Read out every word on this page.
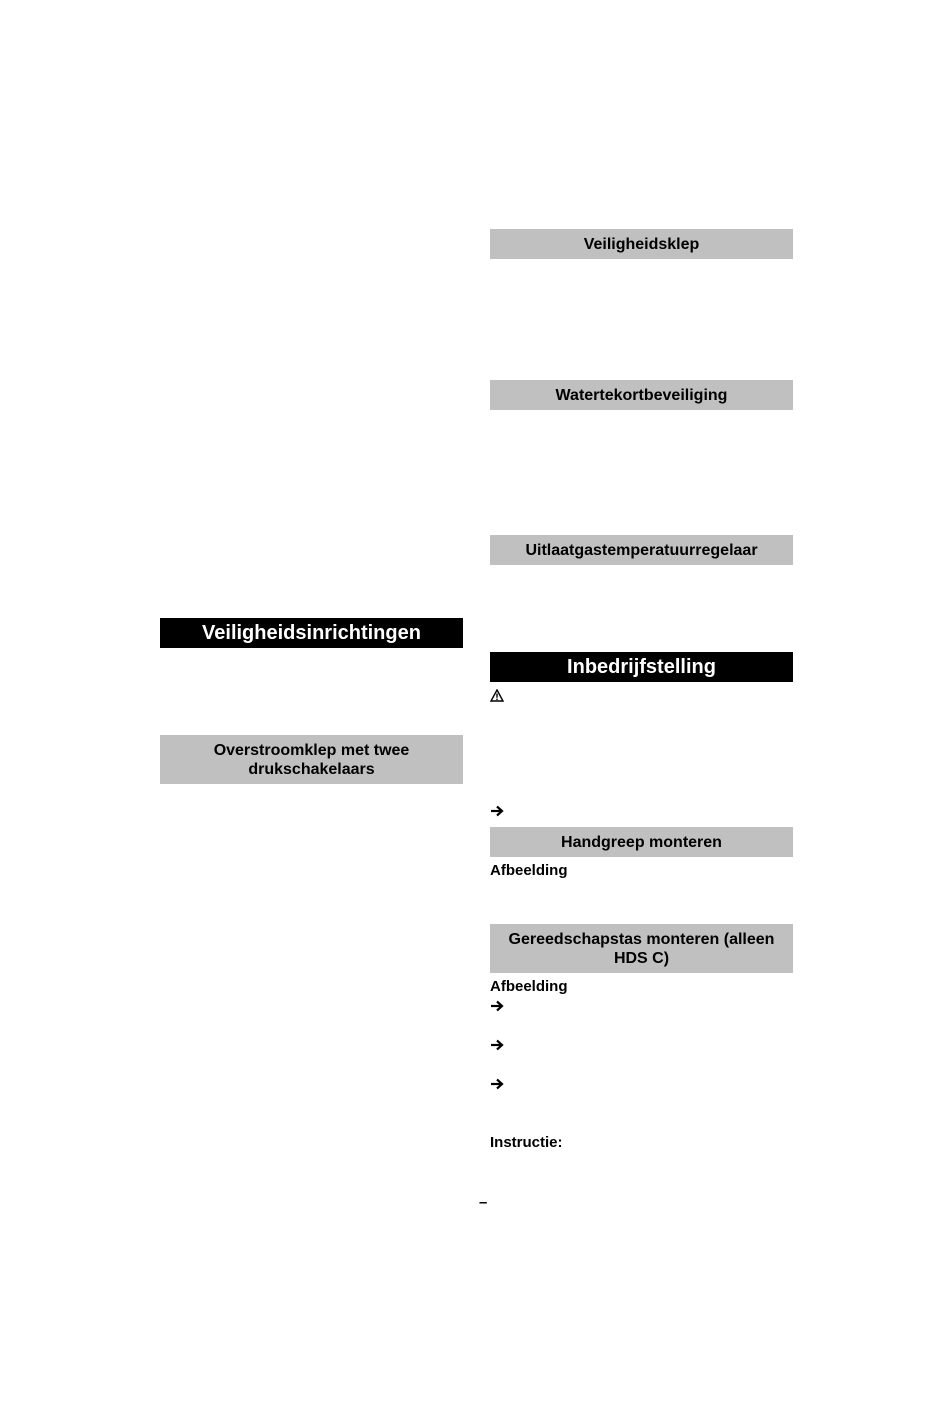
Veiligheidsinrichtingen
Overstroomklep met twee drukschakelaars
Veiligheidsklep
Watertekortbeveiliging
Uitlaatgastemperatuurregelaar
Inbedrijfstelling
Handgreep monteren
Afbeelding
Gereedschapstas monteren (alleen HDS C)
Afbeelding
Instructie:
–
